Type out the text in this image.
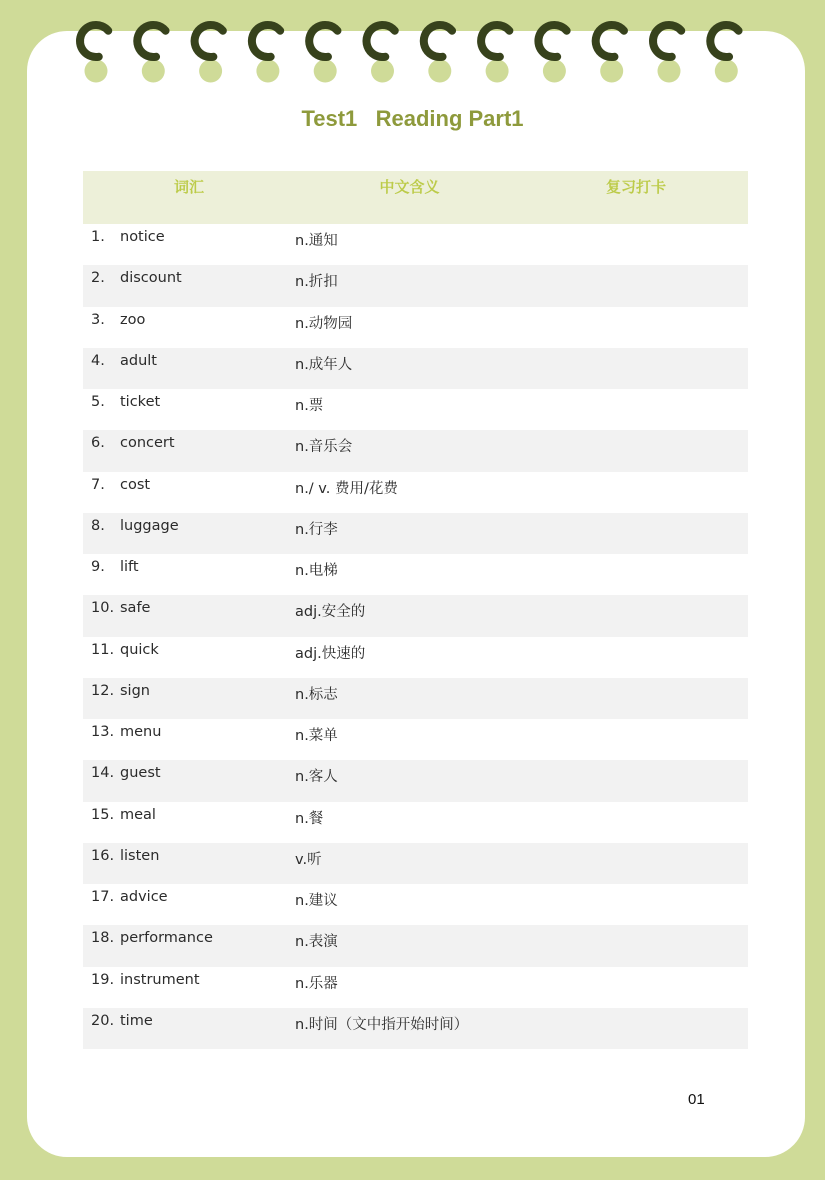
Test1   Reading Part1
词汇	中文含义	复习打卡
1. notice	n.通知	
2. discount	n.折扣	
3. zoo	n.动物园	
4. adult	n.成年人	
5. ticket	n.票	
6. concert	n.音乐会	
7. cost	n./ v. 费用/花费	
8. luggage	n.行李	
9. lift	n.电梯	
10. safe	adj.安全的	
11. quick	adj.快速的	
12. sign	n.标志	
13. menu	n.菜单	
14. guest	n.客人	
15. meal	n.餐	
16. listen	v.听	
17. advice	n.建议	
18. performance	n.表演	
19. instrument	n.乐器	
20. time	n.时间（文中指开始时间）	
01
